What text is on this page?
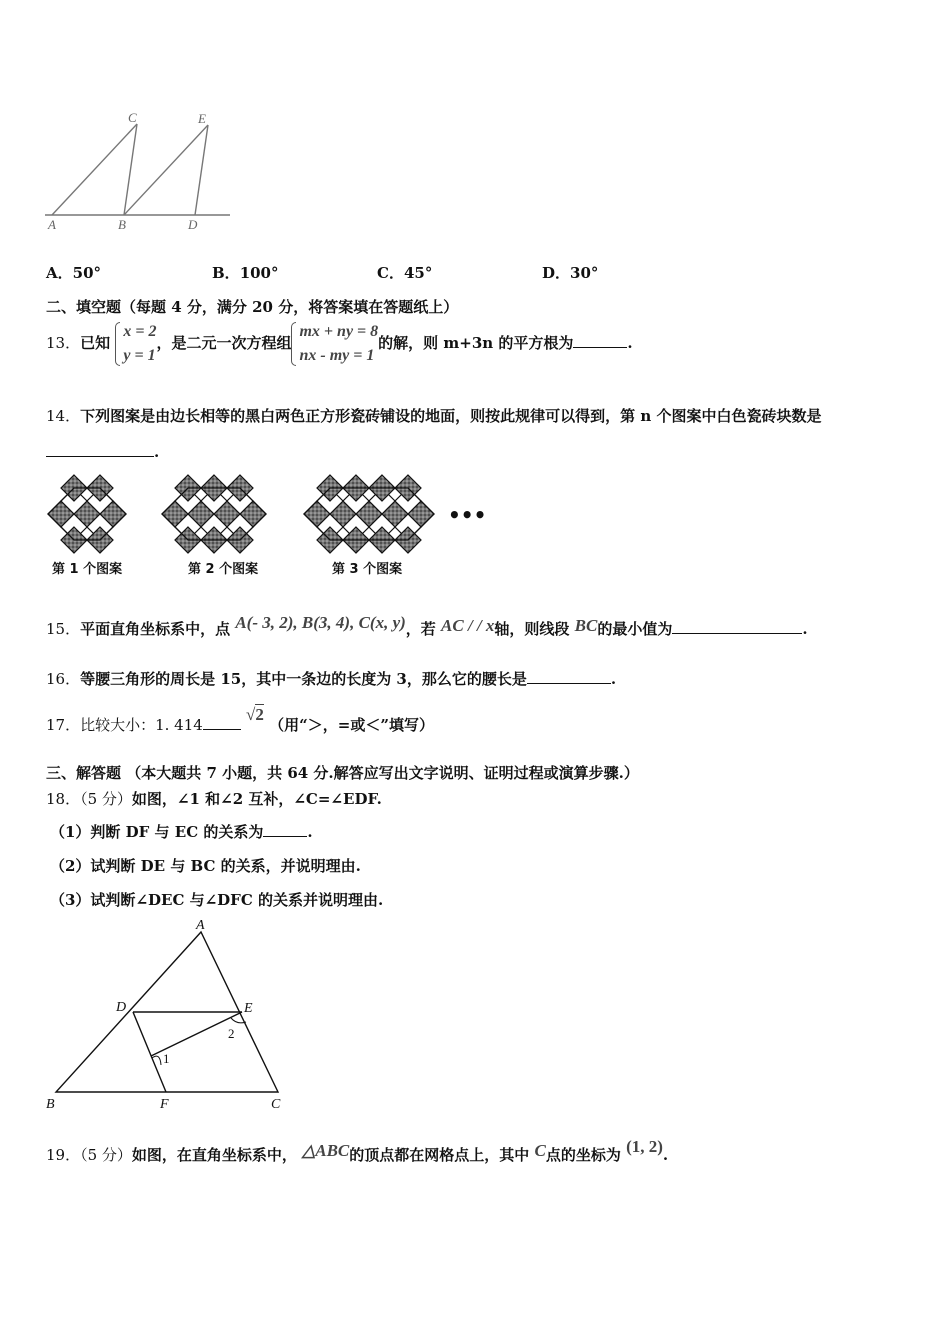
C	E
A	B	D
A．50°	B．100°	C．45°	D．30°
二、填空题（每题 4 分，满分 20 分，将答案填在答题纸上）
13．已知
x = 2
y = 1
，是二元一次方程组
mx + ny = 8
nx - my = 1
的解，则 m+3n 的平方根为	.
14．下列图案是由边长相等的黑白两色正方形瓷砖铺设的地面，则按此规律可以得到，第 n 个图案中白色瓷砖块数是
.
•••
第 1 个图案	第 2 个图案	第 3 个图案
15．平面直角坐标系中，点 A(- 3, 2), B(3, 4), C(x, y)，若 AC / / x轴，则线段 BC的最小值为	.
16．等腰三角形的周长是 15，其中一条边的长度为 3，那么它的腰长是	.
17．比较大小：1. 414 √2 （用“＞，=或＜”填写）
三、解答题 （本大题共 7 小题，共 64 分.解答应写出文字说明、证明过程或演算步骤.）
18．（5 分）如图，∠1 和∠2 互补，∠C=∠EDF.
（1）判断 DF 与 EC 的关系为	.
（2）试判断 DE 与 BC 的关系，并说明理由.
（3）试判断∠DEC 与∠DFC 的关系并说明理由.
A
D	E
2
1
B	F	C
19．（5 分）如图，在直角坐标系中， △ABC的顶点都在网格点上，其中 C点的坐标为 (1, 2).
